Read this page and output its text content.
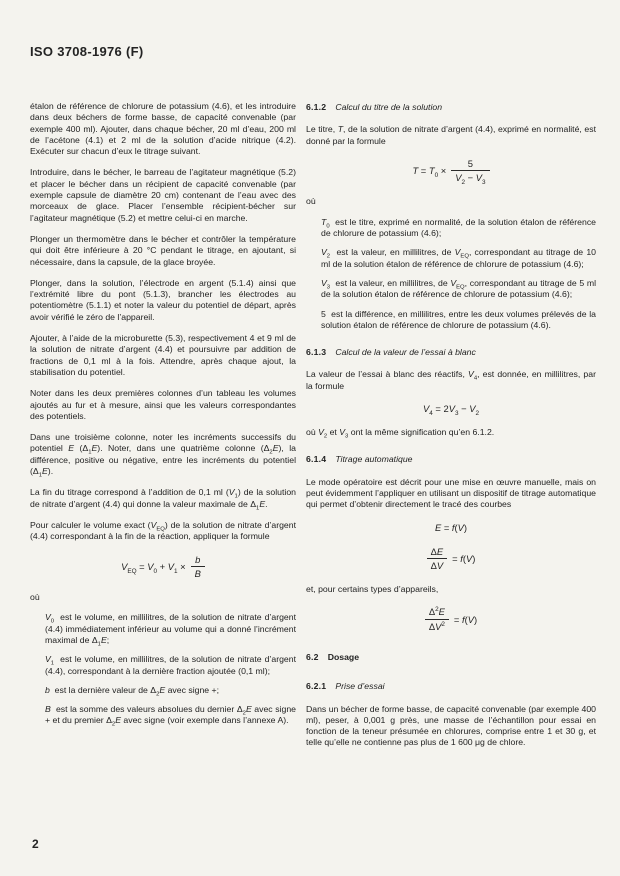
ISO 3708-1976 (F)
étalon de référence de chlorure de potassium (4.6), et les introduire dans deux béchers de forme basse, de capacité convenable (par exemple 400 ml). Ajouter, dans chaque bécher, 20 ml d’eau, 200 ml de l’acétone (4.1) et 2 ml de la solution d’acide nitrique (4.2). Exécuter sur chacun d’eux le titrage suivant.
Introduire, dans le bécher, le barreau de l’agitateur magnétique (5.2) et placer le bécher dans un récipient de capacité convenable (par exemple capsule de diamètre 20 cm) contenant de l’eau avec des morceaux de glace. Placer l’ensemble récipient-bécher sur l’agitateur magnétique (5.2) et mettre celui-ci en marche.
Plonger un thermomètre dans le bécher et contrôler la température qui doit être inférieure à 20 °C pendant le titrage, en ajoutant, si nécessaire, dans la capsule, de la glace broyée.
Plonger, dans la solution, l’électrode en argent (5.1.4) ainsi que l’extrémité libre du pont (5.1.3), brancher les électrodes au potentiomètre (5.1.1) et noter la valeur du potentiel de départ, après avoir vérifié le zéro de l’appareil.
Ajouter, à l’aide de la microburette (5.3), respectivement 4 et 9 ml de la solution de nitrate d’argent (4.4) et poursuivre par addition de fractions de 0,1 ml à la fois. Attendre, après chaque ajout, la stabilisation du potentiel.
Noter dans les deux premières colonnes d’un tableau les volumes ajoutés au fur et à mesure, ainsi que les valeurs correspondantes des potentiels.
Dans une troisième colonne, noter les incréments successifs du potentiel E $(\Delta_1E)$. Noter, dans une quatrième colonne $(\Delta_2E)$, la différence, positive ou négative, entre les incréments du potentiel $(\Delta_1E)$.
La fin du titrage correspond à l’addition de 0,1 ml $(V_1)$ de la solution de nitrate d’argent (4.4) qui donne la valeur maximale de $\Delta_1E$.
Pour calculer le volume exact $(V_{EQ})$ de la solution de nitrate d’argent (4.4) correspondant à la fin de la réaction, appliquer la formule
$V_{EQ} = V_0 + V_1 \times \frac{b}{B}$
où
$V_0$  est le volume, en millilitres, de la solution de nitrate d’argent (4.4) immédiatement inférieur au volume qui a donné l’incrément maximal de $\Delta_1E$;
$V_1$  est le volume, en millilitres, de la solution de nitrate d’argent (4.4), correspondant à la dernière fraction ajoutée (0,1 ml);
b  est la dernière valeur de $\Delta_2E$ avec signe +;
B  est la somme des valeurs absolues du dernier $\Delta_2E$ avec signe + et du premier $\Delta_2E$ avec signe (voir exemple dans l’annexe A).
6.1.2 Calcul du titre de la solution
Le titre, T, de la solution de nitrate d’argent (4.4), exprimé en normalité, est donné par la formule
$T = T_0 \times \frac{5}{V_2 - V_3}$
où
$T_0$  est le titre, exprimé en normalité, de la solution étalon de référence de chlorure de potassium (4.6);
$V_2$  est la valeur, en millilitres, de $V_{EQ}$, correspondant au titrage de 10 ml de la solution étalon de référence de chlorure de potassium (4.6);
$V_3$  est la valeur, en millilitres, de $V_{EQ}$, correspondant au titrage de 5 ml de la solution étalon de référence de chlorure de potassium (4.6);
5  est la différence, en millilitres, entre les deux volumes prélevés de la solution étalon de référence de chlorure de potassium (4.6).
6.1.3 Calcul de la valeur de l’essai à blanc
La valeur de l’essai à blanc des réactifs, $V_4$, est donnée, en millilitres, par la formule
$V_4 = 2V_3 - V_2$
où $V_2$ et $V_3$ ont la même signification qu’en 6.1.2.
6.1.4 Titrage automatique
Le mode opératoire est décrit pour une mise en œuvre manuelle, mais on peut évidemment l’appliquer en utilisant un dispositif de titrage automatique qui permet d’obtenir directement le tracé des courbes
E = f(V)
$\frac{\Delta E}{\Delta V} = f(V)$
et, pour certains types d’appareils,
$\frac{\Delta^2E}{\Delta V^2} = f(V)$
6.2 Dosage
6.2.1 Prise d’essai
Dans un bécher de forme basse, de capacité convenable (par exemple 400 ml), peser, à 0,001 g près, une masse de l’échantillon pour essai en fonction de la teneur présumée en chlorures, comprise entre 1 et 30 g, et telle qu’elle ne contienne pas plus de 1 600 μg de chlore.
2
